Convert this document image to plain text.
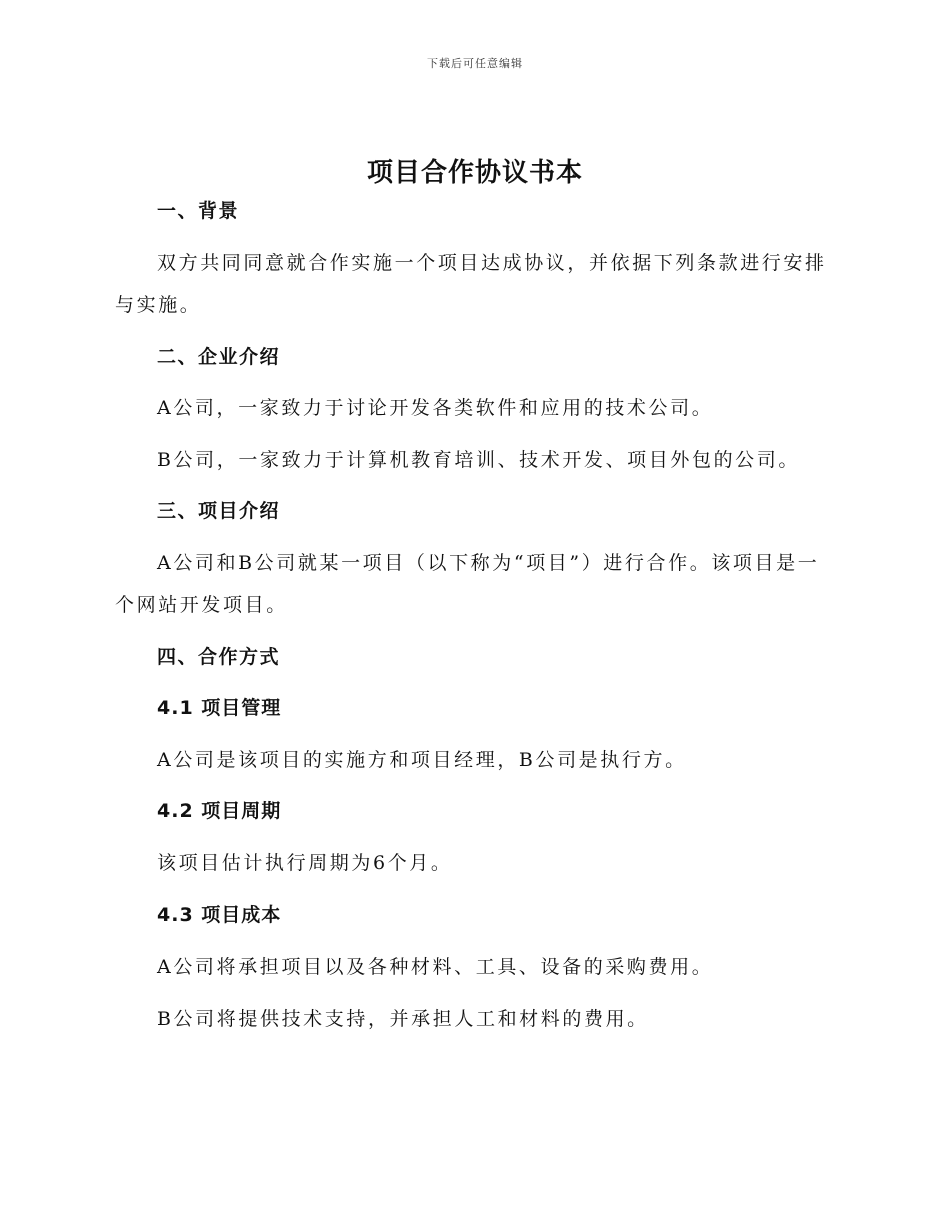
下载后可任意编辑
项目合作协议书本
一、背景
双方共同同意就合作实施一个项目达成协议，并依据下列条款进行安排与实施。
二、企业介绍
A公司，一家致力于讨论开发各类软件和应用的技术公司。
B公司，一家致力于计算机教育培训、技术开发、项目外包的公司。
三、项目介绍
A公司和B公司就某一项目（以下称为“项目”）进行合作。该项目是一个网站开发项目。
四、合作方式
4.1 项目管理
A公司是该项目的实施方和项目经理，B公司是执行方。
4.2 项目周期
该项目估计执行周期为6个月。
4.3 项目成本
A公司将承担项目以及各种材料、工具、设备的采购费用。
B公司将提供技术支持，并承担人工和材料的费用。
